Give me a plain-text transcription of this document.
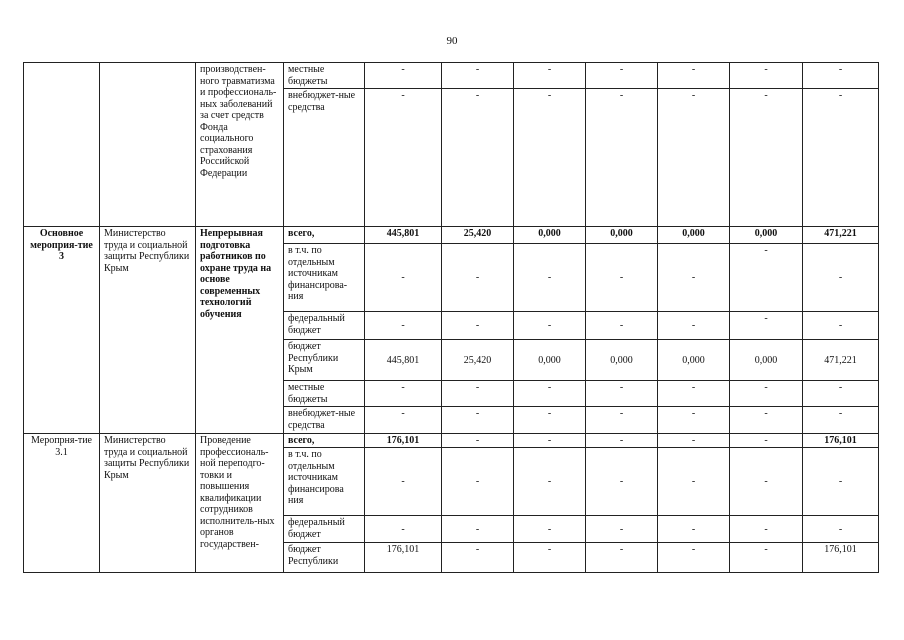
90
		производствен-ного травматизма и профессиональ-ных заболеваний за счет средств Фонда социального страхования Российской Федерации	местные бюджеты	-	-	-	-	-	-	-
			внебюджет-ные средства	-	-	-	-	-	-	-
Основное мероприя-тие 3	Министерство труда и социальной защиты Республики Крым	Непрерывная подготовка работников по охране труда на основе современных технологий обучения	всего,	445,801	25,420	0,000	0,000	0,000	0,000	471,221
			в т.ч. по отдельным источникам финансирова-ния	-	-	-	-	-	-	-
			федеральный бюджет	-	-	-	-	-	-	-
			бюджет Республики Крым	445,801	25,420	0,000	0,000	0,000	0,000	471,221
			местные бюджеты	-	-	-	-	-	-	-
			внебюджет-ные средства	-	-	-	-	-	-	-
Меропрня-тие 3.1	Министерство труда и социальной защиты Республики Крым	Проведение профессиональ-ной переподго-товки и повышения квалификации сотрудников исполнитель-ных органов государствен-	всего,	176,101	-	-	-	-	-	176,101
			в т.ч. по отдельным источникам финансирова ния	-	-	-	-	-	-	-
			федеральный бюджет	-	-	-	-	-	-	-
			бюджет Республики	176,101	-	-	-	-	-	176,101
